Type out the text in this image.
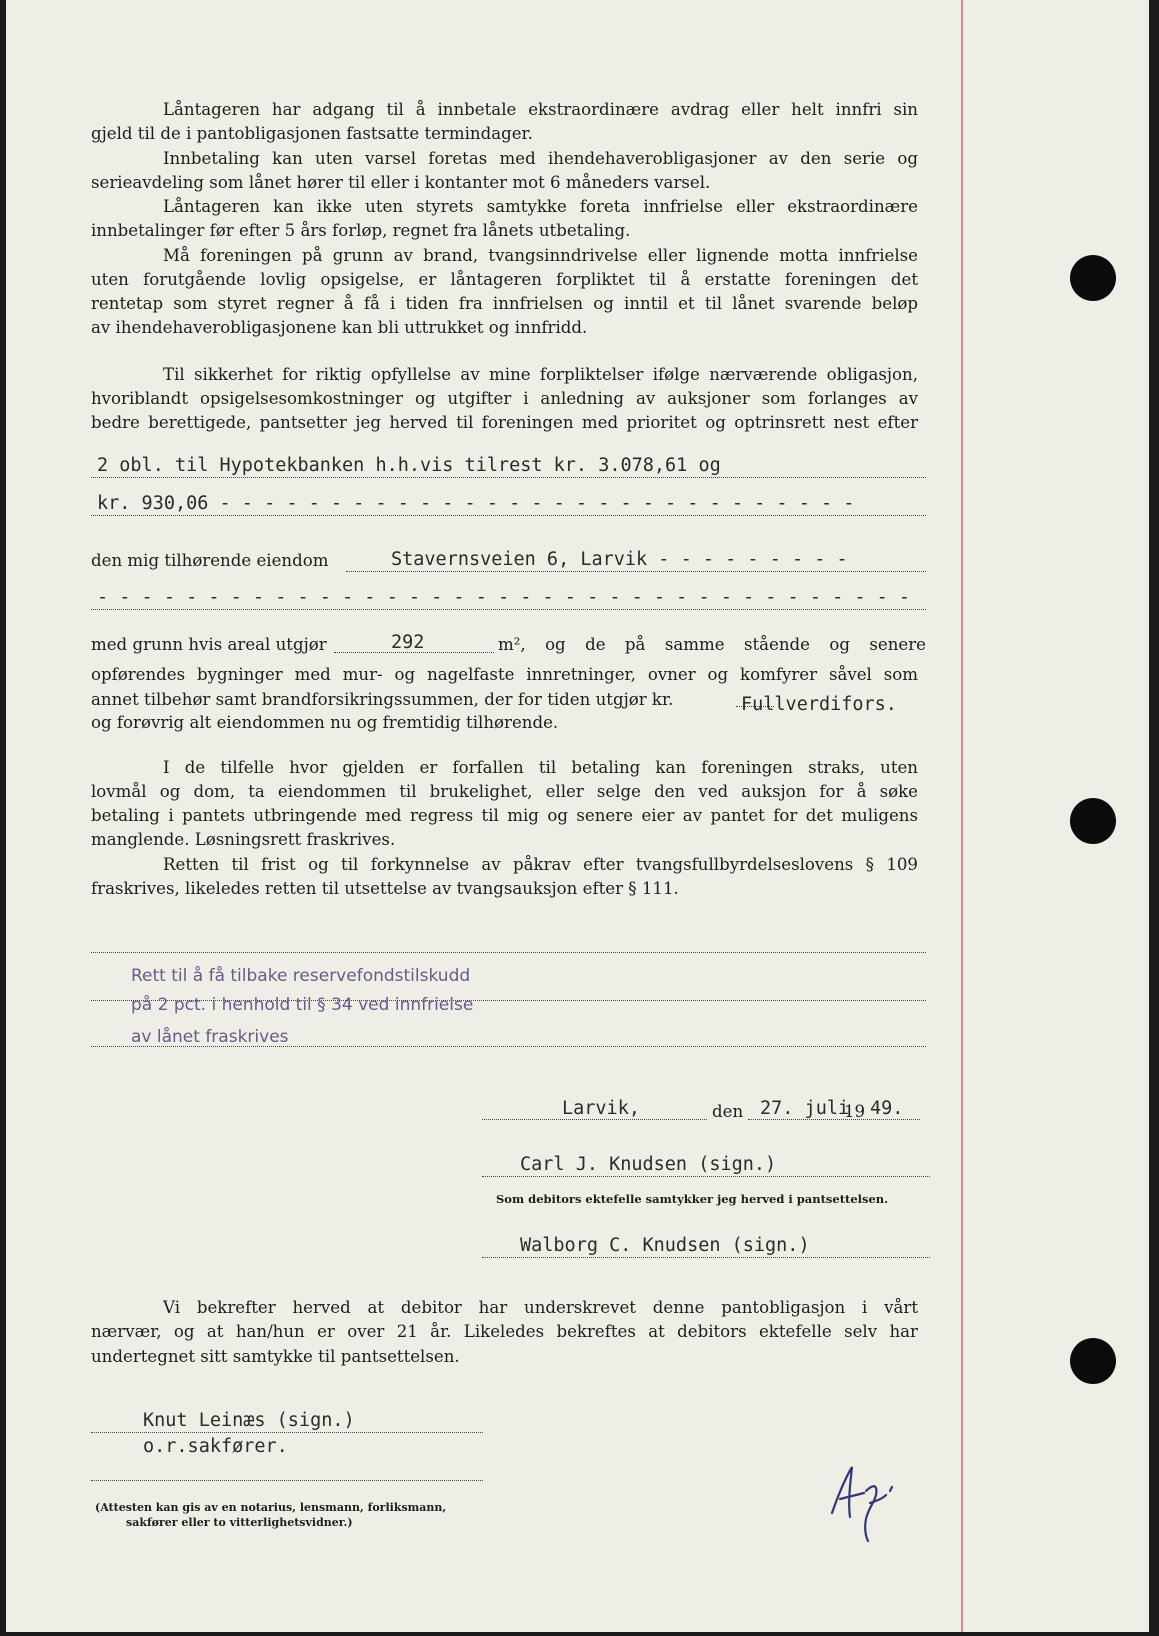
Låntageren har adgang til å innbetale ekstraordinære avdrag eller helt innfri sin

gjeld til de i pantobligasjonen fastsatte termindager.

Innbetaling kan uten varsel foretas med ihendehaverobligasjoner av den serie og

serieavdeling som lånet hører til eller i kontanter mot 6 måneders varsel.

Låntageren kan ikke uten styrets samtykke foreta innfrielse eller ekstraordinære

innbetalinger før efter 5 års forløp, regnet fra lånets utbetaling.

Må foreningen på grunn av brand, tvangsinndrivelse eller lignende motta innfrielse

uten forutgående lovlig opsigelse, er låntageren forpliktet til å erstatte foreningen det

rentetap som styret regner å få i tiden fra innfrielsen og inntil et til lånet svarende beløp

av ihendehaverobligasjonene kan bli uttrukket og innfridd.

Til sikkerhet for riktig opfyllelse av mine forpliktelser ifølge nærværende obligasjon,

hvoriblandt opsigelsesomkostninger og utgifter i anledning av auksjoner som forlanges av

bedre berettigede, pantsetter jeg herved til foreningen med prioritet og optrinsrett nest efter

2 obl. til Hypotekbanken h.h.vis tilrest kr. 3.078,61 og
kr. 930,06 - - - - - - - - - - - - - - - - - - - - - - - - - - - - -
den mig tilhørende eiendom	Stavernsveien 6, Larvik - - - - - - - - -
- - - - - - - - - - - - - - - - - - - - - - - - - - - - - - - - - - - - -
med grunn hvis areal utgjør	292	m², og de på samme stående og senere

opførendes bygninger med mur- og nagelfaste innretninger, ovner og komfyrer såvel som

annet tilbehør samt brandforsikringssummen, der for tiden utgjør kr.	Fullverdifors.

og forøvrig alt eiendommen nu og fremtidig tilhørende.

I de tilfelle hvor gjelden er forfallen til betaling kan foreningen straks, uten

lovmål og dom, ta eiendommen til brukelighet, eller selge den ved auksjon for å søke

betaling i pantets utbringende med regress til mig og senere eier av pantet for det muligens

manglende. Løsningsrett fraskrives.

Retten til frist og til forkynnelse av påkrav efter tvangsfullbyrdelseslovens § 109

fraskrives, likeledes retten til utsettelse av tvangsauksjon efter § 111.

Rett til å få tilbake reservefondstilskudd
på 2 pct. i henhold til § 34 ved innfrielse
av lånet fraskrives
Larvik,	den 27. juli
19 49.
Carl J. Knudsen (sign.)
Som debitors ektefelle samtykker jeg herved i pantsettelsen.
Walborg C. Knudsen (sign.)

Vi bekrefter herved at debitor har underskrevet denne pantobligasjon i vårt

nærvær, og at han/hun er over 21 år. Likeledes bekreftes at debitors ektefelle selv har

undertegnet sitt samtykke til pantsettelsen.

Knut Leinæs (sign.)
o.r.sakfører.
(Attesten kan gis av en notarius, lensmann, forliksmann,
sakfører eller to vitterlighetsvidner.)
